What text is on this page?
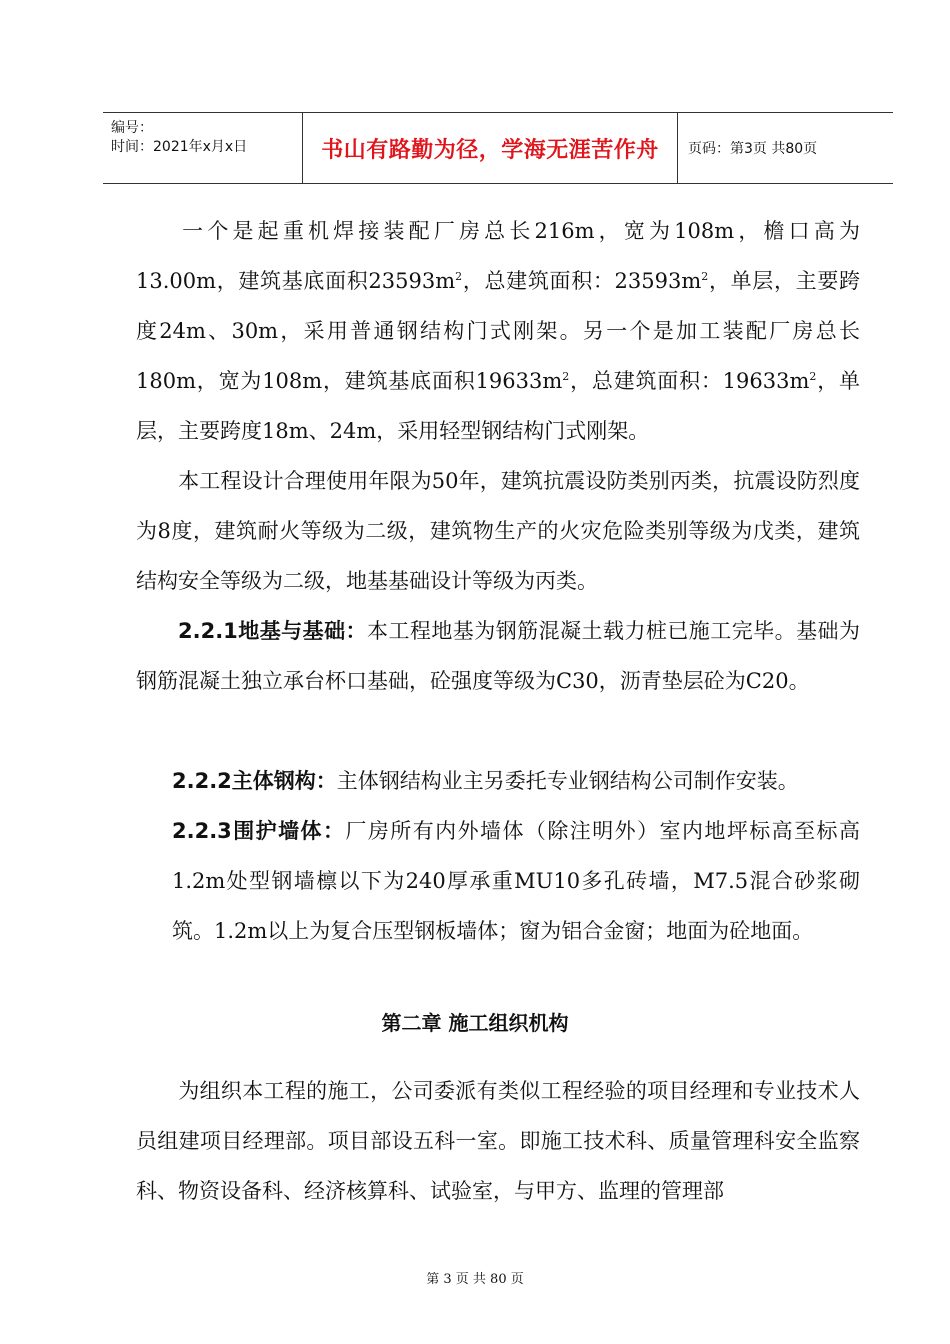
编号：
时间：2021年x月x日	书山有路勤为径，学海无涯苦作舟	页码：第3页 共80页
一个是起重机焊接装配厂房总长216m，宽为108m，檐口高为13.00m，建筑基底面积$23593m^2$，总建筑面积：$23593m^2$，单层，主要跨度24m、30m，采用普通钢结构门式刚架。另一个是加工装配厂房总长180m，宽为108m，建筑基底面积$19633m^2$，总建筑面积：$19633m^2$，单层，主要跨度18m、24m，采用轻型钢结构门式刚架。
本工程设计合理使用年限为50年，建筑抗震设防类别丙类，抗震设防烈度为8度，建筑耐火等级为二级，建筑物生产的火灾危险类别等级为戊类，建筑结构安全等级为二级，地基基础设计等级为丙类。
2.2.1地基与基础：本工程地基为钢筋混凝土载力桩已施工完毕。基础为钢筋混凝土独立承台杯口基础，砼强度等级为C30，沥青垫层砼为C20。
2.2.2主体钢构：主体钢结构业主另委托专业钢结构公司制作安装。
2.2.3围护墙体：厂房所有内外墙体（除注明外）室内地坪标高至标高1.2m处型钢墙檩以下为240厚承重MU10多孔砖墙，M7.5混合砂浆砌筑。1.2m以上为复合压型钢板墙体；窗为铝合金窗；地面为砼地面。
第二章 施工组织机构
为组织本工程的施工，公司委派有类似工程经验的项目经理和专业技术人员组建项目经理部。项目部设五科一室。即施工技术科、质量管理科安全监察科、物资设备科、经济核算科、试验室，与甲方、监理的管理部
第 3 页 共 80 页
